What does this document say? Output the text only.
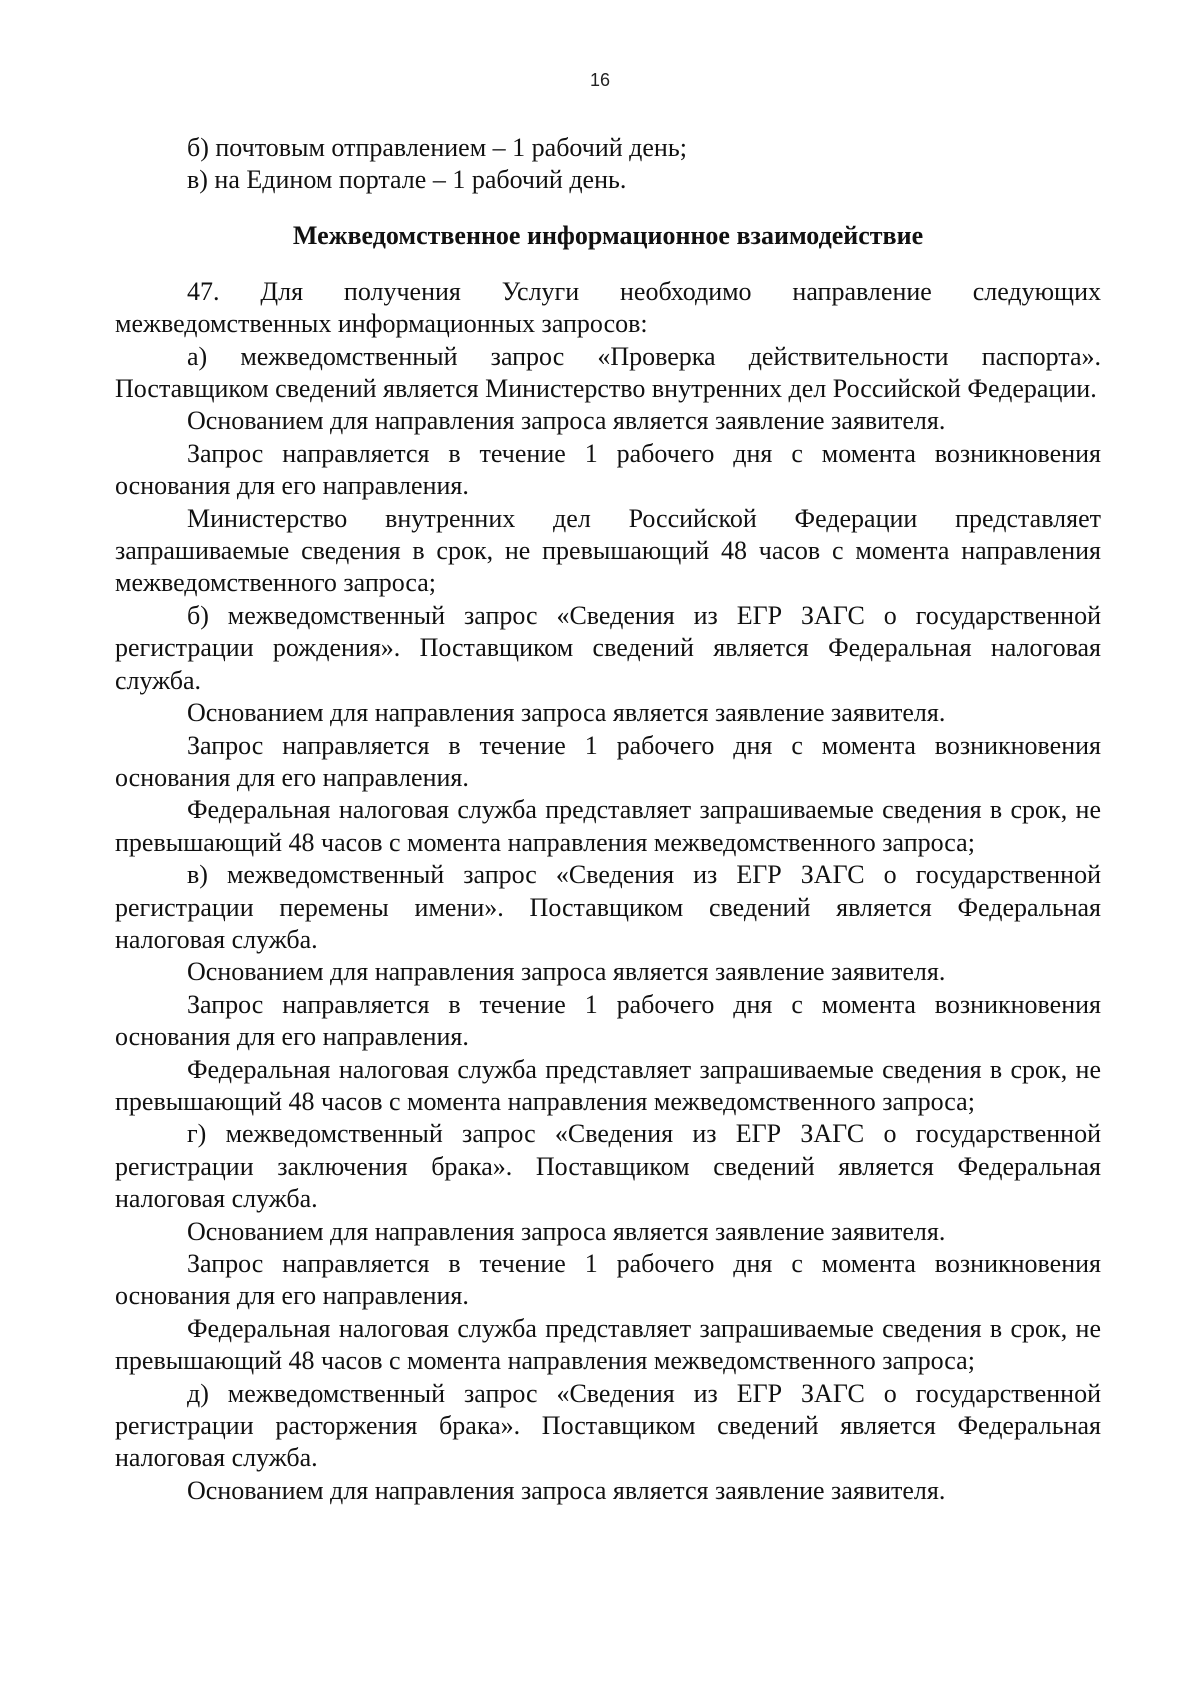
16

б) почтовым отправлением – 1 рабочий день;

в) на Едином портале – 1 рабочий день.

Межведомственное информационное взаимодействие

47. Для получения Услуги необходимо направление следующих межведомственных информационных запросов:

а) межведомственный запрос «Проверка действительности паспорта». Поставщиком сведений является Министерство внутренних дел Российской Федерации.

Основанием для направления запроса является заявление заявителя.

Запрос направляется в течение 1 рабочего дня с момента возникновения основания для его направления.

Министерство внутренних дел Российской Федерации представляет запрашиваемые сведения в срок, не превышающий 48 часов с момента направления межведомственного запроса;

б) межведомственный запрос «Сведения из ЕГР ЗАГС о государственной регистрации рождения». Поставщиком сведений является Федеральная налоговая служба.

Основанием для направления запроса является заявление заявителя.

Запрос направляется в течение 1 рабочего дня с момента возникновения основания для его направления.

Федеральная налоговая служба представляет запрашиваемые сведения в срок, не превышающий 48 часов с момента направления межведомственного запроса;

в) межведомственный запрос «Сведения из ЕГР ЗАГС о государственной регистрации перемены имени». Поставщиком сведений является Федеральная налоговая служба.

Основанием для направления запроса является заявление заявителя.

Запрос направляется в течение 1 рабочего дня с момента возникновения основания для его направления.

Федеральная налоговая служба представляет запрашиваемые сведения в срок, не превышающий 48 часов с момента направления межведомственного запроса;

г) межведомственный запрос «Сведения из ЕГР ЗАГС о государственной регистрации заключения брака». Поставщиком сведений является Федеральная налоговая служба.

Основанием для направления запроса является заявление заявителя.

Запрос направляется в течение 1 рабочего дня с момента возникновения основания для его направления.

Федеральная налоговая служба представляет запрашиваемые сведения в срок, не превышающий 48 часов с момента направления межведомственного запроса;

д) межведомственный запрос «Сведения из ЕГР ЗАГС о государственной регистрации расторжения брака». Поставщиком сведений является Федеральная налоговая служба.

Основанием для направления запроса является заявление заявителя.
